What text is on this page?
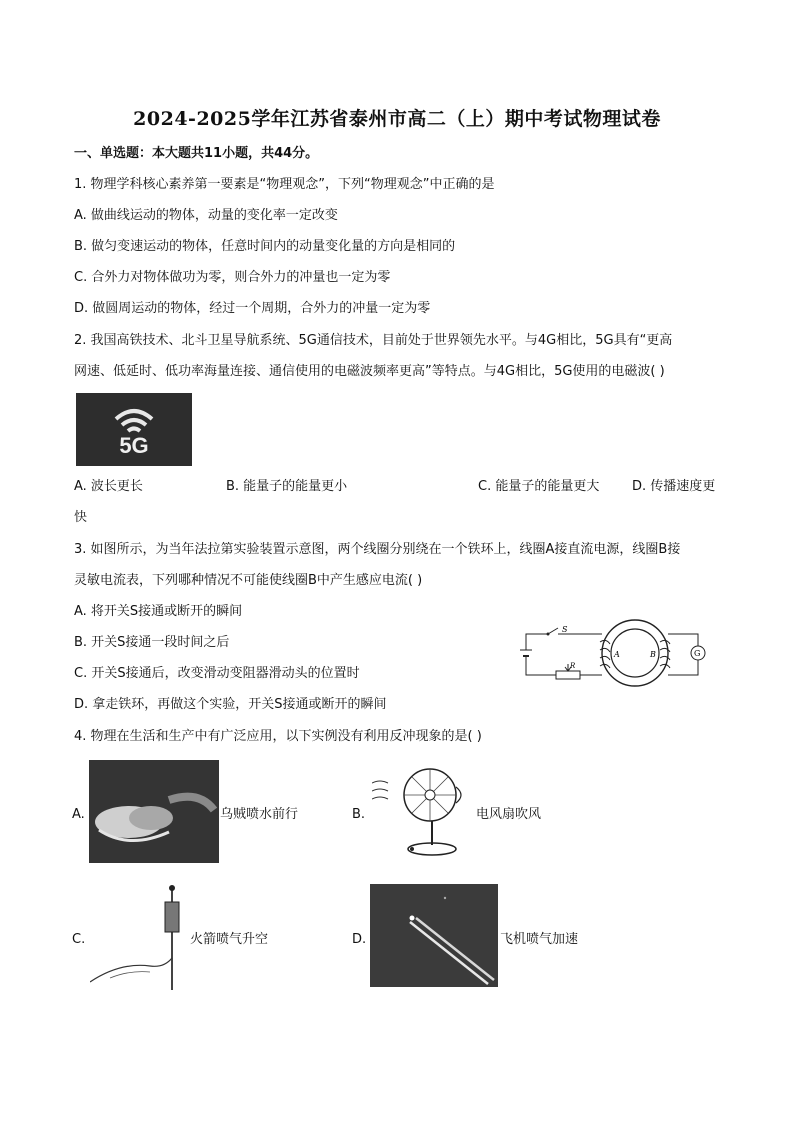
2024-2025学年江苏省泰州市高二（上）期中考试物理试卷
一、单选题：本大题共11小题，共44分。
1. 物理学科核心素养第一要素是“物理观念”，下列“物理观念”中正确的是
A. 做曲线运动的物体，动量的变化率一定改变
B. 做匀变速运动的物体，任意时间内的动量变化量的方向是相同的
C. 合外力对物体做功为零，则合外力的冲量也一定为零
D. 做圆周运动的物体，经过一个周期，合外力的冲量一定为零
2. 我国高铁技术、北斗卫星导航系统、5G通信技术，目前处于世界领先水平。与4G相比，5G具有“更高
网速、低延时、低功率海量连接、通信使用的电磁波频率更高”等特点。与4G相比，5G使用的电磁波( )
5G
A. 波长更长	B. 能量子的能量更小	C. 能量子的能量更大	D. 传播速度更
快
3. 如图所示，为当年法拉第实验装置示意图，两个线圈分别绕在一个铁环上，线圈A接直流电源，线圈B接
灵敏电流表，下列哪种情况不可能使线圈B中产生感应电流( )
A. 将开关S接通或断开的瞬间
B. 开关S接通一段时间之后
C. 开关S接通后，改变滑动变阻器滑动头的位置时
D. 拿走铁环，再做这个实验，开关S接通或断开的瞬间
S
R
A	B	G
4. 物理在生活和生产中有广泛应用，以下实例没有利用反冲现象的是( )
A.	乌贼喷水前行	B.	电风扇吹风
C.	火箭喷气升空	D.	飞机喷气加速
